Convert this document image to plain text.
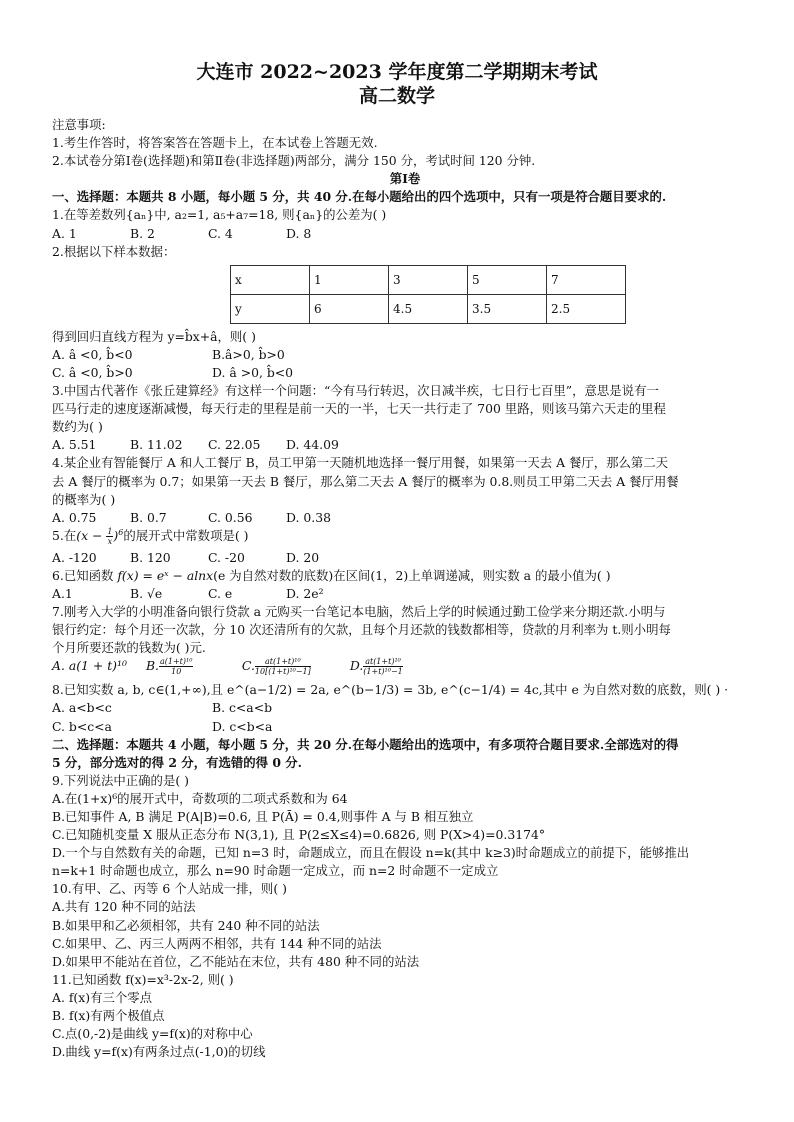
大连市 2022~2023 学年度第二学期期末考试
高二数学
注意事项:
1.考生作答时，将答案答在答题卡上，在本试卷上答题无效.
2.本试卷分第Ⅰ卷(选择题)和第Ⅱ卷(非选择题)两部分，满分 150 分，考试时间 120 分钟.
第Ⅰ卷
一、选择题：本题共 8 小题，每小题 5 分，共 40 分.在每小题给出的四个选项中，只有一项是符合题目要求的.
1.在等差数列{aₙ}中, a₂=1, a₅+a₇=18, 则{aₙ}的公差为( )
A. 1	B. 2	C. 4	D. 8
2.根据以下样本数据：
x	1	3	5	7
y	6	4.5	3.5	2.5
得到回归直线方程为 y=b̂x+â，则( )
A. â <0, b̂<0	B.â>0, b̂>0
C. â <0, b̂>0	D. â >0, b̂<0
3.中国古代著作《张丘建算经》有这样一个问题：“今有马行转迟，次日减半疾，七日行七百里”，意思是说有一
匹马行走的速度逐渐减慢，每天行走的里程是前一天的一半，七天一共行走了 700 里路，则该马第六天走的里程
数约为( )
A. 5.51	B. 11.02	C. 22.05	D. 44.09
4.某企业有智能餐厅 A 和人工餐厅 B，员工甲第一天随机地选择一餐厅用餐，如果第一天去 A 餐厅，那么第二天
去 A 餐厅的概率为 0.7；如果第一天去 B 餐厅，那么第二天去 A 餐厅的概率为 0.8.则员工甲第二天去 A 餐厅用餐
的概率为( )
A. 0.75	B. 0.7	C. 0.56	D. 0.38
5.在$(x - \frac{1}{x} )^6$的展开式中常数项是( )
A. -120	B. 120	C. -20	D. 20
6.已知函数 f(x) = eˣ − alnx(e 为自然对数的底数)在区间(1，2)上单调递减，则实数 a 的最小值为( )
A.1	B. √e	C. e	D. 2e²
7.刚考入大学的小明准备向银行贷款 a 元购买一台笔记本电脑，然后上学的时候通过勤工俭学来分期还款.小明与
银行约定：每个月还一次款，分 10 次还清所有的欠款，且每个月还款的钱数都相等，贷款的月利率为 t.则小明每
个月所要还款的钱数为( )元.
A. a(1 + t)¹⁰ B. $\frac{\text{a(1+t)¹⁰}}{10}$	C. $\frac{\text{at(1+t)¹⁰}}{\text{10[(1+t)¹⁰−1]}}$	D. $\frac{\text{at(1+t)¹⁰}}{\text{(1+t)¹⁰−1}}$
8.已知实数 a, b, c∈(1,+∞),且 e^(a−1/2) = 2a, e^(b−1/3) = 3b, e^(c−1/4) = 4c,其中 e 为自然对数的底数，则( ) ·
A. a<b<c	B. c<a<b
C. b<c<a	D. c<b<a
二、选择题：本题共 4 小题，每小题 5 分，共 20 分.在每小题给出的选项中，有多项符合题目要求.全部选对的得
5 分，部分选对的得 2 分，有选错的得 0 分.
9.下列说法中正确的是( )
A.在(1+x)⁶的展开式中，奇数项的二项式系数和为 64
B.已知事件 A, B 满足 P(A|B)=0.6, 且 P(Ā) = 0.4,则事件 A 与 B 相互独立
C.已知随机变量 X 服从正态分布 N(3,1), 且 P(2≤X≤4)=0.6826, 则 P(X>4)=0.3174°
D.一个与自然数有关的命题，已知 n=3 时，命题成立，而且在假设 n=k(其中 k≥3)时命题成立的前提下，能够推出
n=k+1 时命题也成立，那么 n=90 时命题一定成立，而 n=2 时命题不一定成立
10.有甲、乙、丙等 6 个人站成一排，则( )
A.共有 120 种不同的站法
B.如果甲和乙必须相邻，共有 240 种不同的站法
C.如果甲、乙、丙三人两两不相邻，共有 144 种不同的站法
D.如果甲不能站在首位，乙不能站在末位，共有 480 种不同的站法
11.已知函数 f(x)=x³-2x-2, 则( )
A. f(x)有三个零点
B. f(x)有两个极值点
C.点(0,-2)是曲线 y=f(x)的对称中心
D.曲线 y=f(x)有两条过点(-1,0)的切线
